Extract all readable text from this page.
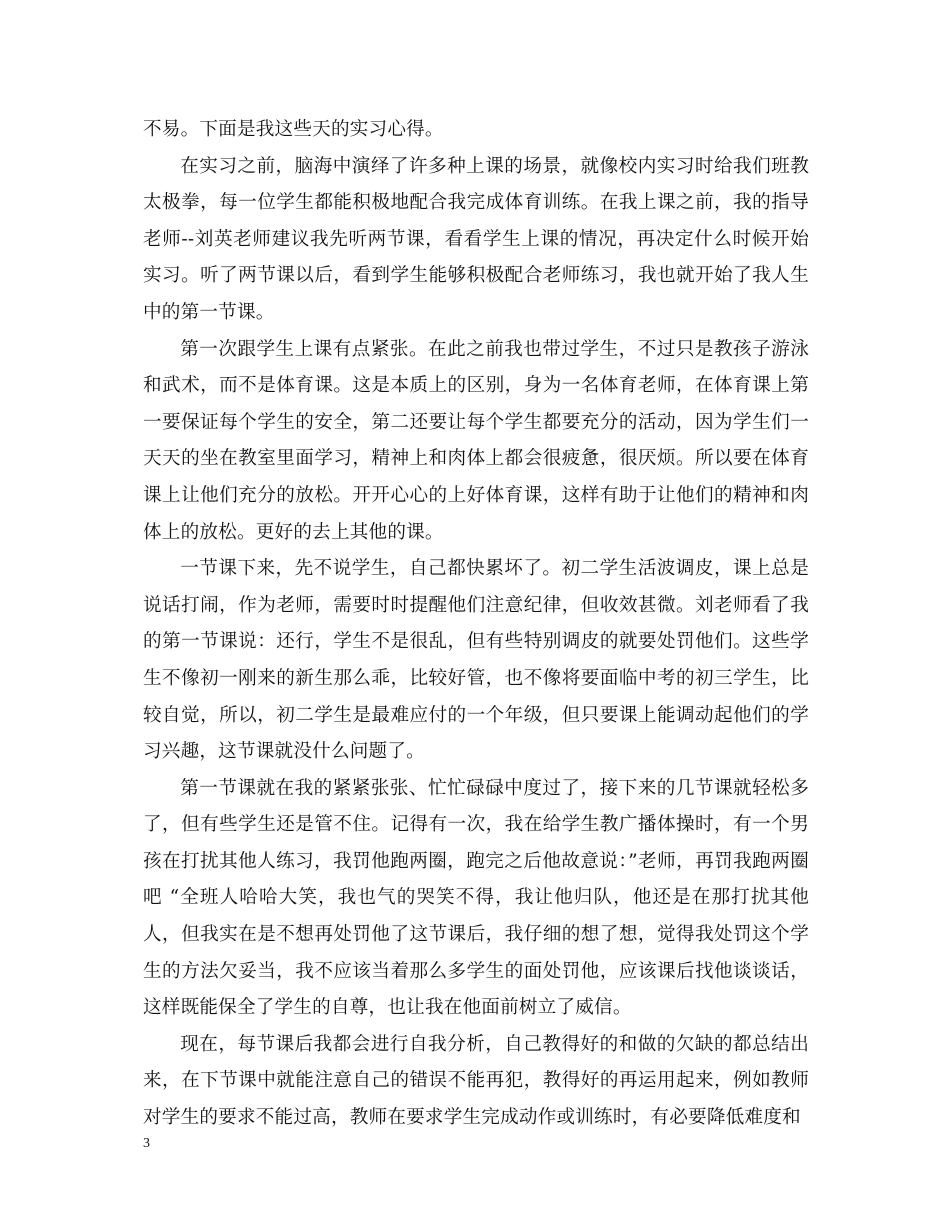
不易。下面是我这些天的实习心得。

在实习之前，脑海中演绎了许多种上课的场景，就像校内实习时给我们班教太极拳，每一位学生都能积极地配合我完成体育训练。在我上课之前，我的指导老师--刘英老师建议我先听两节课，看看学生上课的情况，再决定什么时候开始实习。听了两节课以后，看到学生能够积极配合老师练习，我也就开始了我人生中的第一节课。

第一次跟学生上课有点紧张。在此之前我也带过学生，不过只是教孩子游泳和武术，而不是体育课。这是本质上的区别，身为一名体育老师，在体育课上第一要保证每个学生的安全，第二还要让每个学生都要充分的活动，因为学生们一天天的坐在教室里面学习，精神上和肉体上都会很疲惫，很厌烦。所以要在体育课上让他们充分的放松。开开心心的上好体育课，这样有助于让他们的精神和肉体上的放松。更好的去上其他的课。

一节课下来，先不说学生，自己都快累坏了。初二学生活波调皮，课上总是说话打闹，作为老师，需要时时提醒他们注意纪律，但收效甚微。刘老师看了我的第一节课说：还行，学生不是很乱，但有些特别调皮的就要处罚他们。这些学生不像初一刚来的新生那么乖，比较好管，也不像将要面临中考的初三学生，比较自觉，所以，初二学生是最难应付的一个年级，但只要课上能调动起他们的学习兴趣，这节课就没什么问题了。

第一节课就在我的紧紧张张、忙忙碌碌中度过了，接下来的几节课就轻松多了，但有些学生还是管不住。记得有一次，我在给学生教广播体操时，有一个男孩在打扰其他人练习，我罚他跑两圈，跑完之后他故意说：”老师，再罚我跑两圈吧 “全班人哈哈大笑，我也气的哭笑不得，我让他归队，他还是在那打扰其他人，但我实在是不想再处罚他了这节课后，我仔细的想了想，觉得我处罚这个学生的方法欠妥当，我不应该当着那么多学生的面处罚他，应该课后找他谈谈话，这样既能保全了学生的自尊，也让我在他面前树立了威信。

现在，每节课后我都会进行自我分析，自己教得好的和做的欠缺的都总结出来，在下节课中就能注意自己的错误不能再犯，教得好的再运用起来，例如教师对学生的要求不能过高，教师在要求学生完成动作或训练时，有必要降低难度和

3
